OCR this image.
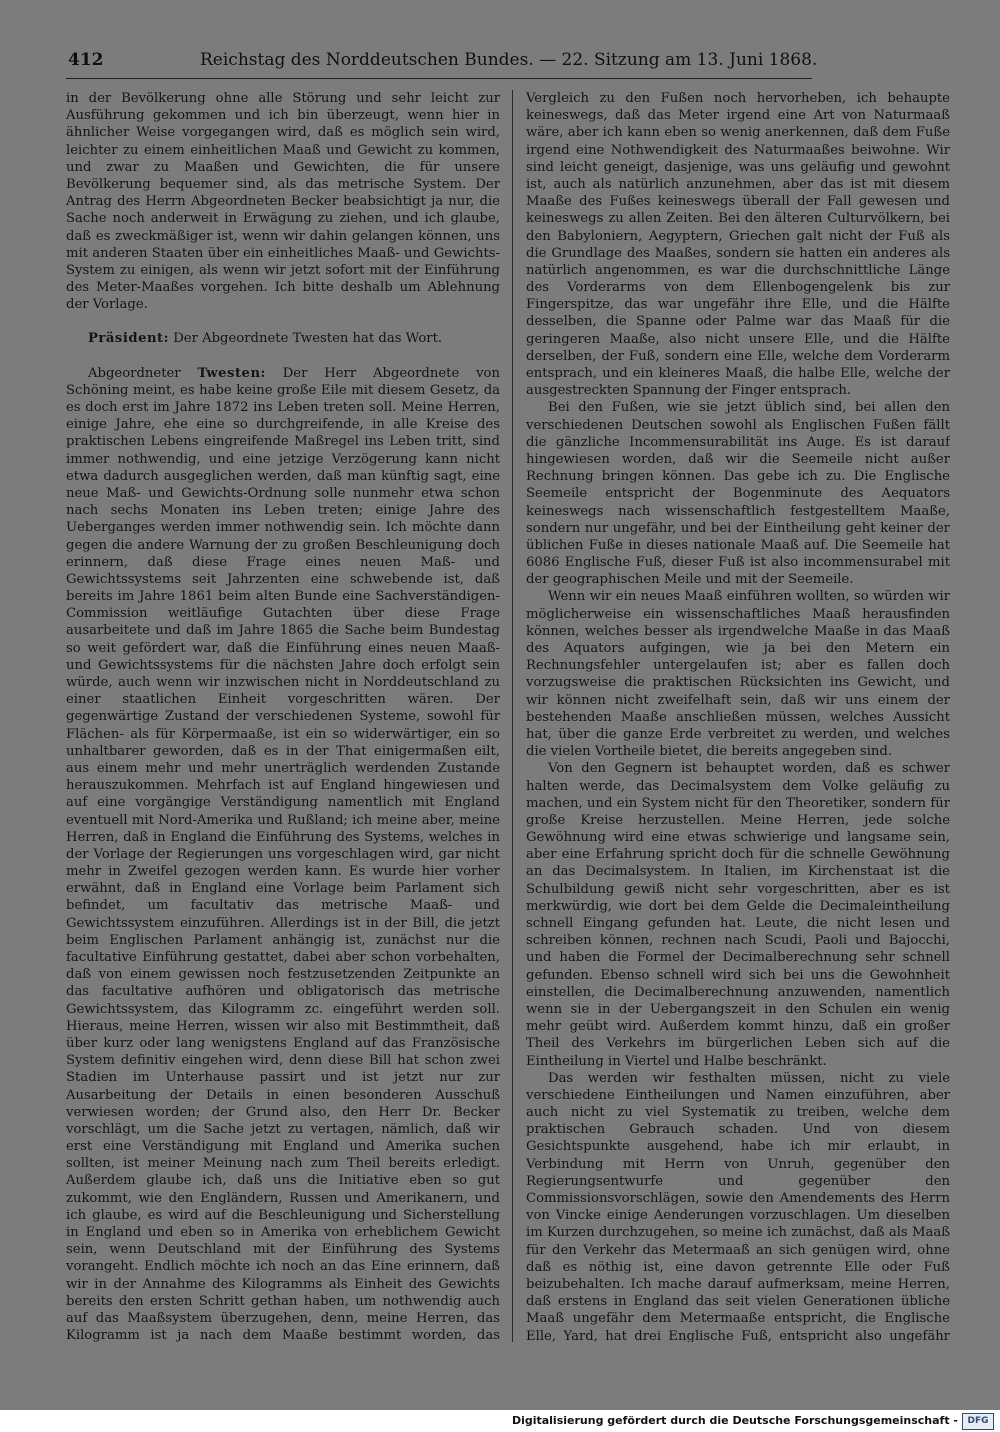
412	Reichstag des Norddeutschen Bundes. — 22. Sitzung am 13. Juni 1868.

in der Bevölkerung ohne alle Störung und sehr leicht zur Ausführung gekommen und ich bin überzeugt, wenn hier in ähnlicher Weise vorgegangen wird, daß es möglich sein wird, leichter zu einem einheitlichen Maaß und Gewicht zu kommen, und zwar zu Maaßen und Gewichten, die für unsere Bevölkerung bequemer sind, als das metrische System. Der Antrag des Herrn Abgeordneten Becker beabsichtigt ja nur, die Sache noch anderweit in Erwägung zu ziehen, und ich glaube, daß es zweckmäßiger ist, wenn wir dahin gelangen können, uns mit anderen Staaten über ein einheitliches Maaß- und Gewichts-System zu einigen, als wenn wir jetzt sofort mit der Einführung des Meter-Maaßes vorgehen. Ich bitte deshalb um Ablehnung der Vorlage.

Präsident: Der Abgeordnete Twesten hat das Wort.

Abgeordneter Twesten: Der Herr Abgeordnete von Schöning meint, es habe keine große Eile mit diesem Gesetz, da es doch erst im Jahre 1872 ins Leben treten soll. Meine Herren, einige Jahre, ehe eine so durchgreifende, in alle Kreise des praktischen Lebens eingreifende Maßregel ins Leben tritt, sind immer nothwendig, und eine jetzige Verzögerung kann nicht etwa dadurch ausgeglichen werden, daß man künftig sagt, eine neue Maß- und Gewichts-Ordnung solle nunmehr etwa schon nach sechs Monaten ins Leben treten; einige Jahre des Ueberganges werden immer nothwendig sein. Ich möchte dann gegen die andere Warnung der zu großen Beschleunigung doch erinnern, daß diese Frage eines neuen Maß- und Gewichtssystems seit Jahrzenten eine schwebende ist, daß bereits im Jahre 1861 beim alten Bunde eine Sachverständigen-Commission weitläufige Gutachten über diese Frage ausarbeitete und daß im Jahre 1865 die Sache beim Bundestag so weit gefördert war, daß die Einführung eines neuen Maaß- und Gewichtssystems für die nächsten Jahre doch erfolgt sein würde, auch wenn wir inzwischen nicht in Norddeutschland zu einer staatlichen Einheit vorgeschritten wären. Der gegenwärtige Zustand der verschiedenen Systeme, sowohl für Flächen- als für Körpermaaße, ist ein so widerwärtiger, ein so unhaltbarer geworden, daß es in der That einigermaßen eilt, aus einem mehr und mehr unerträglich werdenden Zustande herauszukommen. Mehrfach ist auf England hingewiesen und auf eine vorgängige Verständigung namentlich mit England eventuell mit Nord-Amerika und Rußland; ich meine aber, meine Herren, daß in England die Einführung des Systems, welches in der Vorlage der Regierungen uns vorgeschlagen wird, gar nicht mehr in Zweifel gezogen werden kann. Es wurde hier vorher erwähnt, daß in England eine Vorlage beim Parlament sich befindet, um facultativ das metrische Maaß- und Gewichtssystem einzuführen. Allerdings ist in der Bill, die jetzt beim Englischen Parlament anhängig ist, zunächst nur die facultative Einführung gestattet, dabei aber schon vorbehalten, daß von einem gewissen noch festzusetzenden Zeitpunkte an das facultative aufhören und obligatorisch das metrische Gewichtssystem, das Kilogramm zc. eingeführt werden soll. Hieraus, meine Herren, wissen wir also mit Bestimmtheit, daß über kurz oder lang wenigstens England auf das Französische System definitiv eingehen wird, denn diese Bill hat schon zwei Stadien im Unterhause passirt und ist jetzt nur zur Ausarbeitung der Details in einen besonderen Ausschuß verwiesen worden; der Grund also, den Herr Dr. Becker vorschlägt, um die Sache jetzt zu vertagen, nämlich, daß wir erst eine Verständigung mit England und Amerika suchen sollten, ist meiner Meinung nach zum Theil bereits erledigt. Außerdem glaube ich, daß uns die Initiative eben so gut zukommt, wie den Engländern, Russen und Amerikanern, und ich glaube, es wird auf die Beschleunigung und Sicherstellung in England und eben so in Amerika von erheblichem Gewicht sein, wenn Deutschland mit der Einführung des Systems vorangeht. Endlich möchte ich noch an das Eine erinnern, daß wir in der Annahme des Kilogramms als Einheit des Gewichts bereits den ersten Schritt gethan haben, um nothwendig auch auf das Maaßsystem überzugehen, denn, meine Herren, das Kilogramm ist ja nach dem Maaße bestimmt worden, das

Vergleich zu den Fußen noch hervorheben, ich behaupte keineswegs, daß das Meter irgend eine Art von Naturmaaß wäre, aber ich kann eben so wenig anerkennen, daß dem Fuße irgend eine Nothwendigkeit des Naturmaaßes beiwohne. Wir sind leicht geneigt, dasjenige, was uns geläufig und gewohnt ist, auch als natürlich anzunehmen, aber das ist mit diesem Maaße des Fußes keineswegs überall der Fall gewesen und keineswegs zu allen Zeiten. Bei den älteren Culturvölkern, bei den Babyloniern, Aegyptern, Griechen galt nicht der Fuß als die Grundlage des Maaßes, sondern sie hatten ein anderes als natürlich angenommen, es war die durchschnittliche Länge des Vorderarms von dem Ellenbogengelenk bis zur Fingerspitze, das war ungefähr ihre Elle, und die Hälfte desselben, die Spanne oder Palme war das Maaß für die geringeren Maaße, also nicht unsere Elle, und die Hälfte derselben, der Fuß, sondern eine Elle, welche dem Vorderarm entsprach, und ein kleineres Maaß, die halbe Elle, welche der ausgestreckten Spannung der Finger entsprach.

Bei den Fußen, wie sie jetzt üblich sind, bei allen den verschiedenen Deutschen sowohl als Englischen Fußen fällt die gänzliche Incommensurabilität ins Auge. Es ist darauf hingewiesen worden, daß wir die Seemeile nicht außer Rechnung bringen können. Das gebe ich zu. Die Englische Seemeile entspricht der Bogenminute des Aequators keineswegs nach wissenschaftlich festgestelltem Maaße, sondern nur ungefähr, und bei der Eintheilung geht keiner der üblichen Fuße in dieses nationale Maaß auf. Die Seemeile hat 6086 Englische Fuß, dieser Fuß ist also incommensurabel mit der geographischen Meile und mit der Seemeile.

Wenn wir ein neues Maaß einführen wollten, so würden wir möglicherweise ein wissenschaftliches Maaß herausfinden können, welches besser als irgendwelche Maaße in das Maaß des Aquators aufgingen, wie ja bei den Metern ein Rechnungsfehler untergelaufen ist; aber es fallen doch vorzugsweise die praktischen Rücksichten ins Gewicht, und wir können nicht zweifelhaft sein, daß wir uns einem der bestehenden Maaße anschließen müssen, welches Aussicht hat, über die ganze Erde verbreitet zu werden, und welches die vielen Vortheile bietet, die bereits angegeben sind.

Von den Gegnern ist behauptet worden, daß es schwer halten werde, das Decimalsystem dem Volke geläufig zu machen, und ein System nicht für den Theoretiker, sondern für große Kreise herzustellen. Meine Herren, jede solche Gewöhnung wird eine etwas schwierige und langsame sein, aber eine Erfahrung spricht doch für die schnelle Gewöhnung an das Decimalsystem. In Italien, im Kirchenstaat ist die Schulbildung gewiß nicht sehr vorgeschritten, aber es ist merkwürdig, wie dort bei dem Gelde die Decimaleintheilung schnell Eingang gefunden hat. Leute, die nicht lesen und schreiben können, rechnen nach Scudi, Paoli und Bajocchi, und haben die Formel der Decimalberechnung sehr schnell gefunden. Ebenso schnell wird sich bei uns die Gewohnheit einstellen, die Decimalberechnung anzuwenden, namentlich wenn sie in der Uebergangszeit in den Schulen ein wenig mehr geübt wird. Außerdem kommt hinzu, daß ein großer Theil des Verkehrs im bürgerlichen Leben sich auf die Eintheilung in Viertel und Halbe beschränkt.

Das werden wir festhalten müssen, nicht zu viele verschiedene Eintheilungen und Namen einzuführen, aber auch nicht zu viel Systematik zu treiben, welche dem praktischen Gebrauch schaden. Und von diesem Gesichtspunkte ausgehend, habe ich mir erlaubt, in Verbindung mit Herrn von Unruh, gegenüber den Regierungsentwurfe und gegenüber den Commissionsvorschlägen, sowie den Amendements des Herrn von Vincke einige Aenderungen vorzuschlagen. Um dieselben im Kurzen durchzugehen, so meine ich zunächst, daß als Maaß für den Verkehr das Metermaaß an sich genügen wird, ohne daß es nöthig ist, eine davon getrennte Elle oder Fuß beizubehalten. Ich mache darauf aufmerksam, meine Herren, daß erstens in England das seit vielen Generationen übliche Maaß ungefähr dem Metermaaße entspricht, die Englische Elle, Yard, hat drei Englische Fuß, entspricht also ungefähr

Digitalisierung gefördert durch die Deutsche Forschungsgemeinschaft -	DFG
